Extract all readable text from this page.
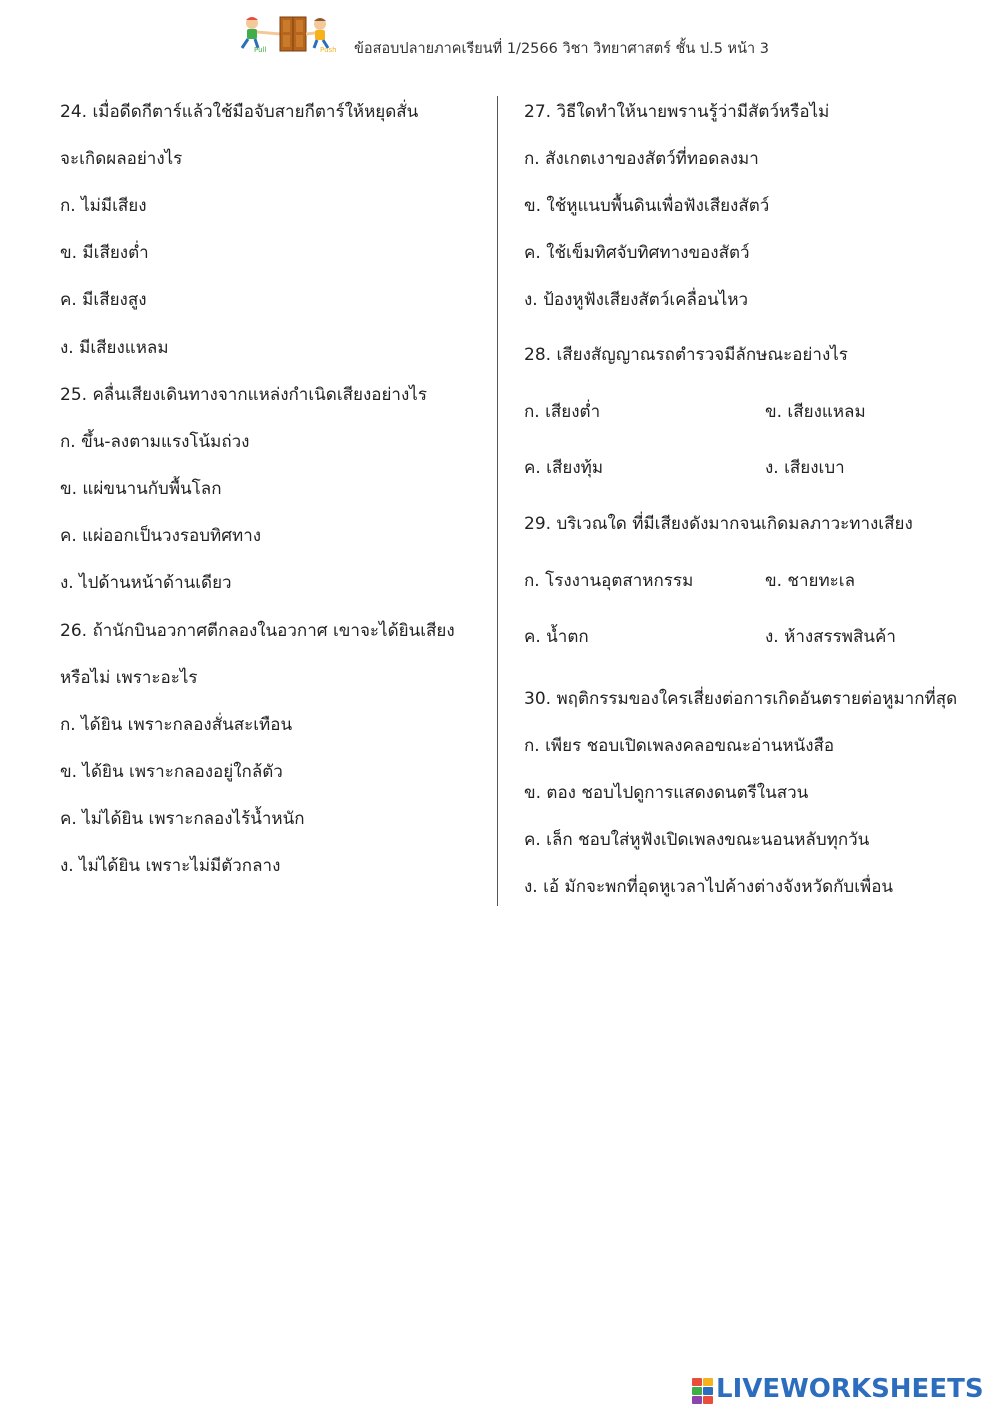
Pull	Push ข้อสอบปลายภาคเรียนที่ 1/2566 วิชา วิทยาศาสตร์ ชั้น ป.5 หน้า 3
24. เมื่อดีดกีตาร์แล้วใช้มือจับสายกีตาร์ให้หยุดสั่น
จะเกิดผลอย่างไร
ก. ไม่มีเสียง
ข. มีเสียงต่ำ
ค. มีเสียงสูง
ง. มีเสียงแหลม
25. คลื่นเสียงเดินทางจากแหล่งกำเนิดเสียงอย่างไร
ก. ขึ้น-ลงตามแรงโน้มถ่วง
ข. แผ่ขนานกับพื้นโลก
ค. แผ่ออกเป็นวงรอบทิศทาง
ง. ไปด้านหน้าด้านเดียว
26. ถ้านักบินอวกาศตีกลองในอวกาศ เขาจะได้ยินเสียง
หรือไม่ เพราะอะไร
ก. ได้ยิน เพราะกลองสั่นสะเทือน
ข. ได้ยิน เพราะกลองอยู่ใกล้ตัว
ค. ไม่ได้ยิน เพราะกลองไร้น้ำหนัก
ง. ไม่ได้ยิน เพราะไม่มีตัวกลาง
27. วิธีใดทำให้นายพรานรู้ว่ามีสัตว์หรือไม่
ก. สังเกตเงาของสัตว์ที่ทอดลงมา
ข. ใช้หูแนบพื้นดินเพื่อฟังเสียงสัตว์
ค. ใช้เข็มทิศจับทิศทางของสัตว์
ง. ป้องหูฟังเสียงสัตว์เคลื่อนไหว
28. เสียงสัญญาณรถตำรวจมีลักษณะอย่างไร
ก. เสียงต่ำ	ข. เสียงแหลม
ค. เสียงทุ้ม	ง. เสียงเบา
29. บริเวณใด ที่มีเสียงดังมากจนเกิดมลภาวะทางเสียง
ก. โรงงานอุตสาหกรรม	ข. ชายทะเล
ค. น้ำตก	ง. ห้างสรรพสินค้า
30. พฤติกรรมของใครเสี่ยงต่อการเกิดอันตรายต่อหูมากที่สุด
ก. เพียร ชอบเปิดเพลงคลอขณะอ่านหนังสือ
ข. ตอง ชอบไปดูการแสดงดนตรีในสวน
ค. เล็ก ชอบใส่หูฟังเปิดเพลงขณะนอนหลับทุกวัน
ง. เอ้ มักจะพกที่อุดหูเวลาไปค้างต่างจังหวัดกับเพื่อน
LIVEWORKSHEETS
